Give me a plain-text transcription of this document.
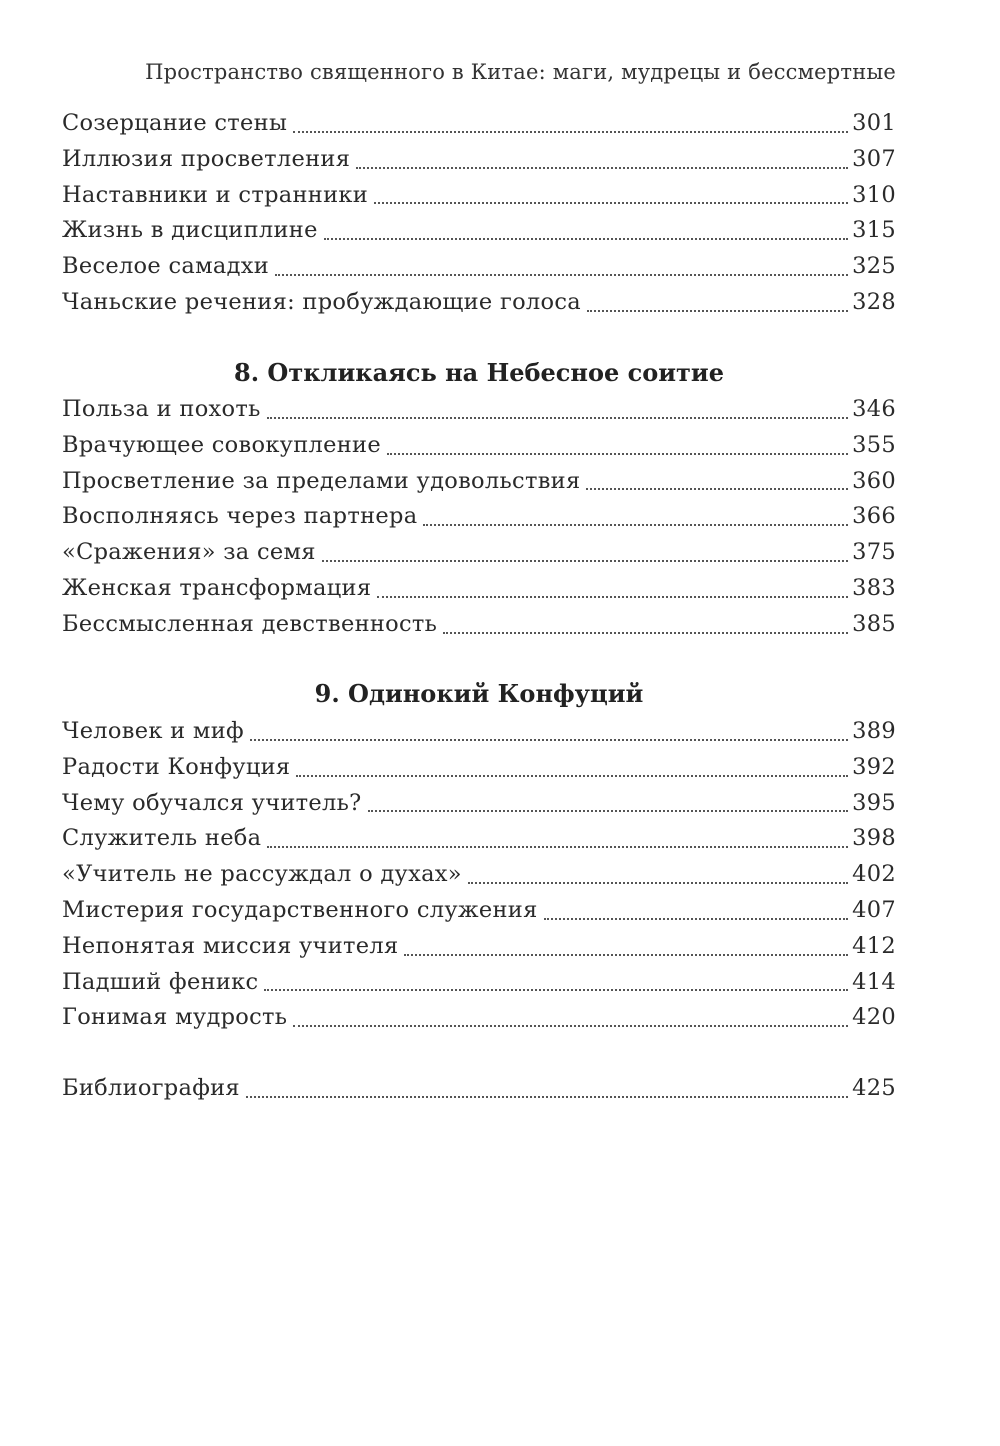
Пространство священного в Китае: маги, мудрецы и бессмертные
Созерцание стены	301
Иллюзия просветления	307
Наставники и странники	310
Жизнь в дисциплине	315
Веселое самадхи	325
Чаньские речения: пробуждающие голоса	328
8. Откликаясь на Небесное соитие
Польза и похоть	346
Врачующее совокупление	355
Просветление за пределами удовольствия	360
Восполняясь через партнера	366
«Сражения» за семя	375
Женская трансформация	383
Бессмысленная девственность	385
9. Одинокий Конфуций
Человек и миф	389
Радости Конфуция	392
Чему обучался учитель?	395
Служитель неба	398
«Учитель не рассуждал о духах»	402
Мистерия государственного служения	407
Непонятая миссия учителя	412
Падший феникс	414
Гонимая мудрость	420
Библиография	425
